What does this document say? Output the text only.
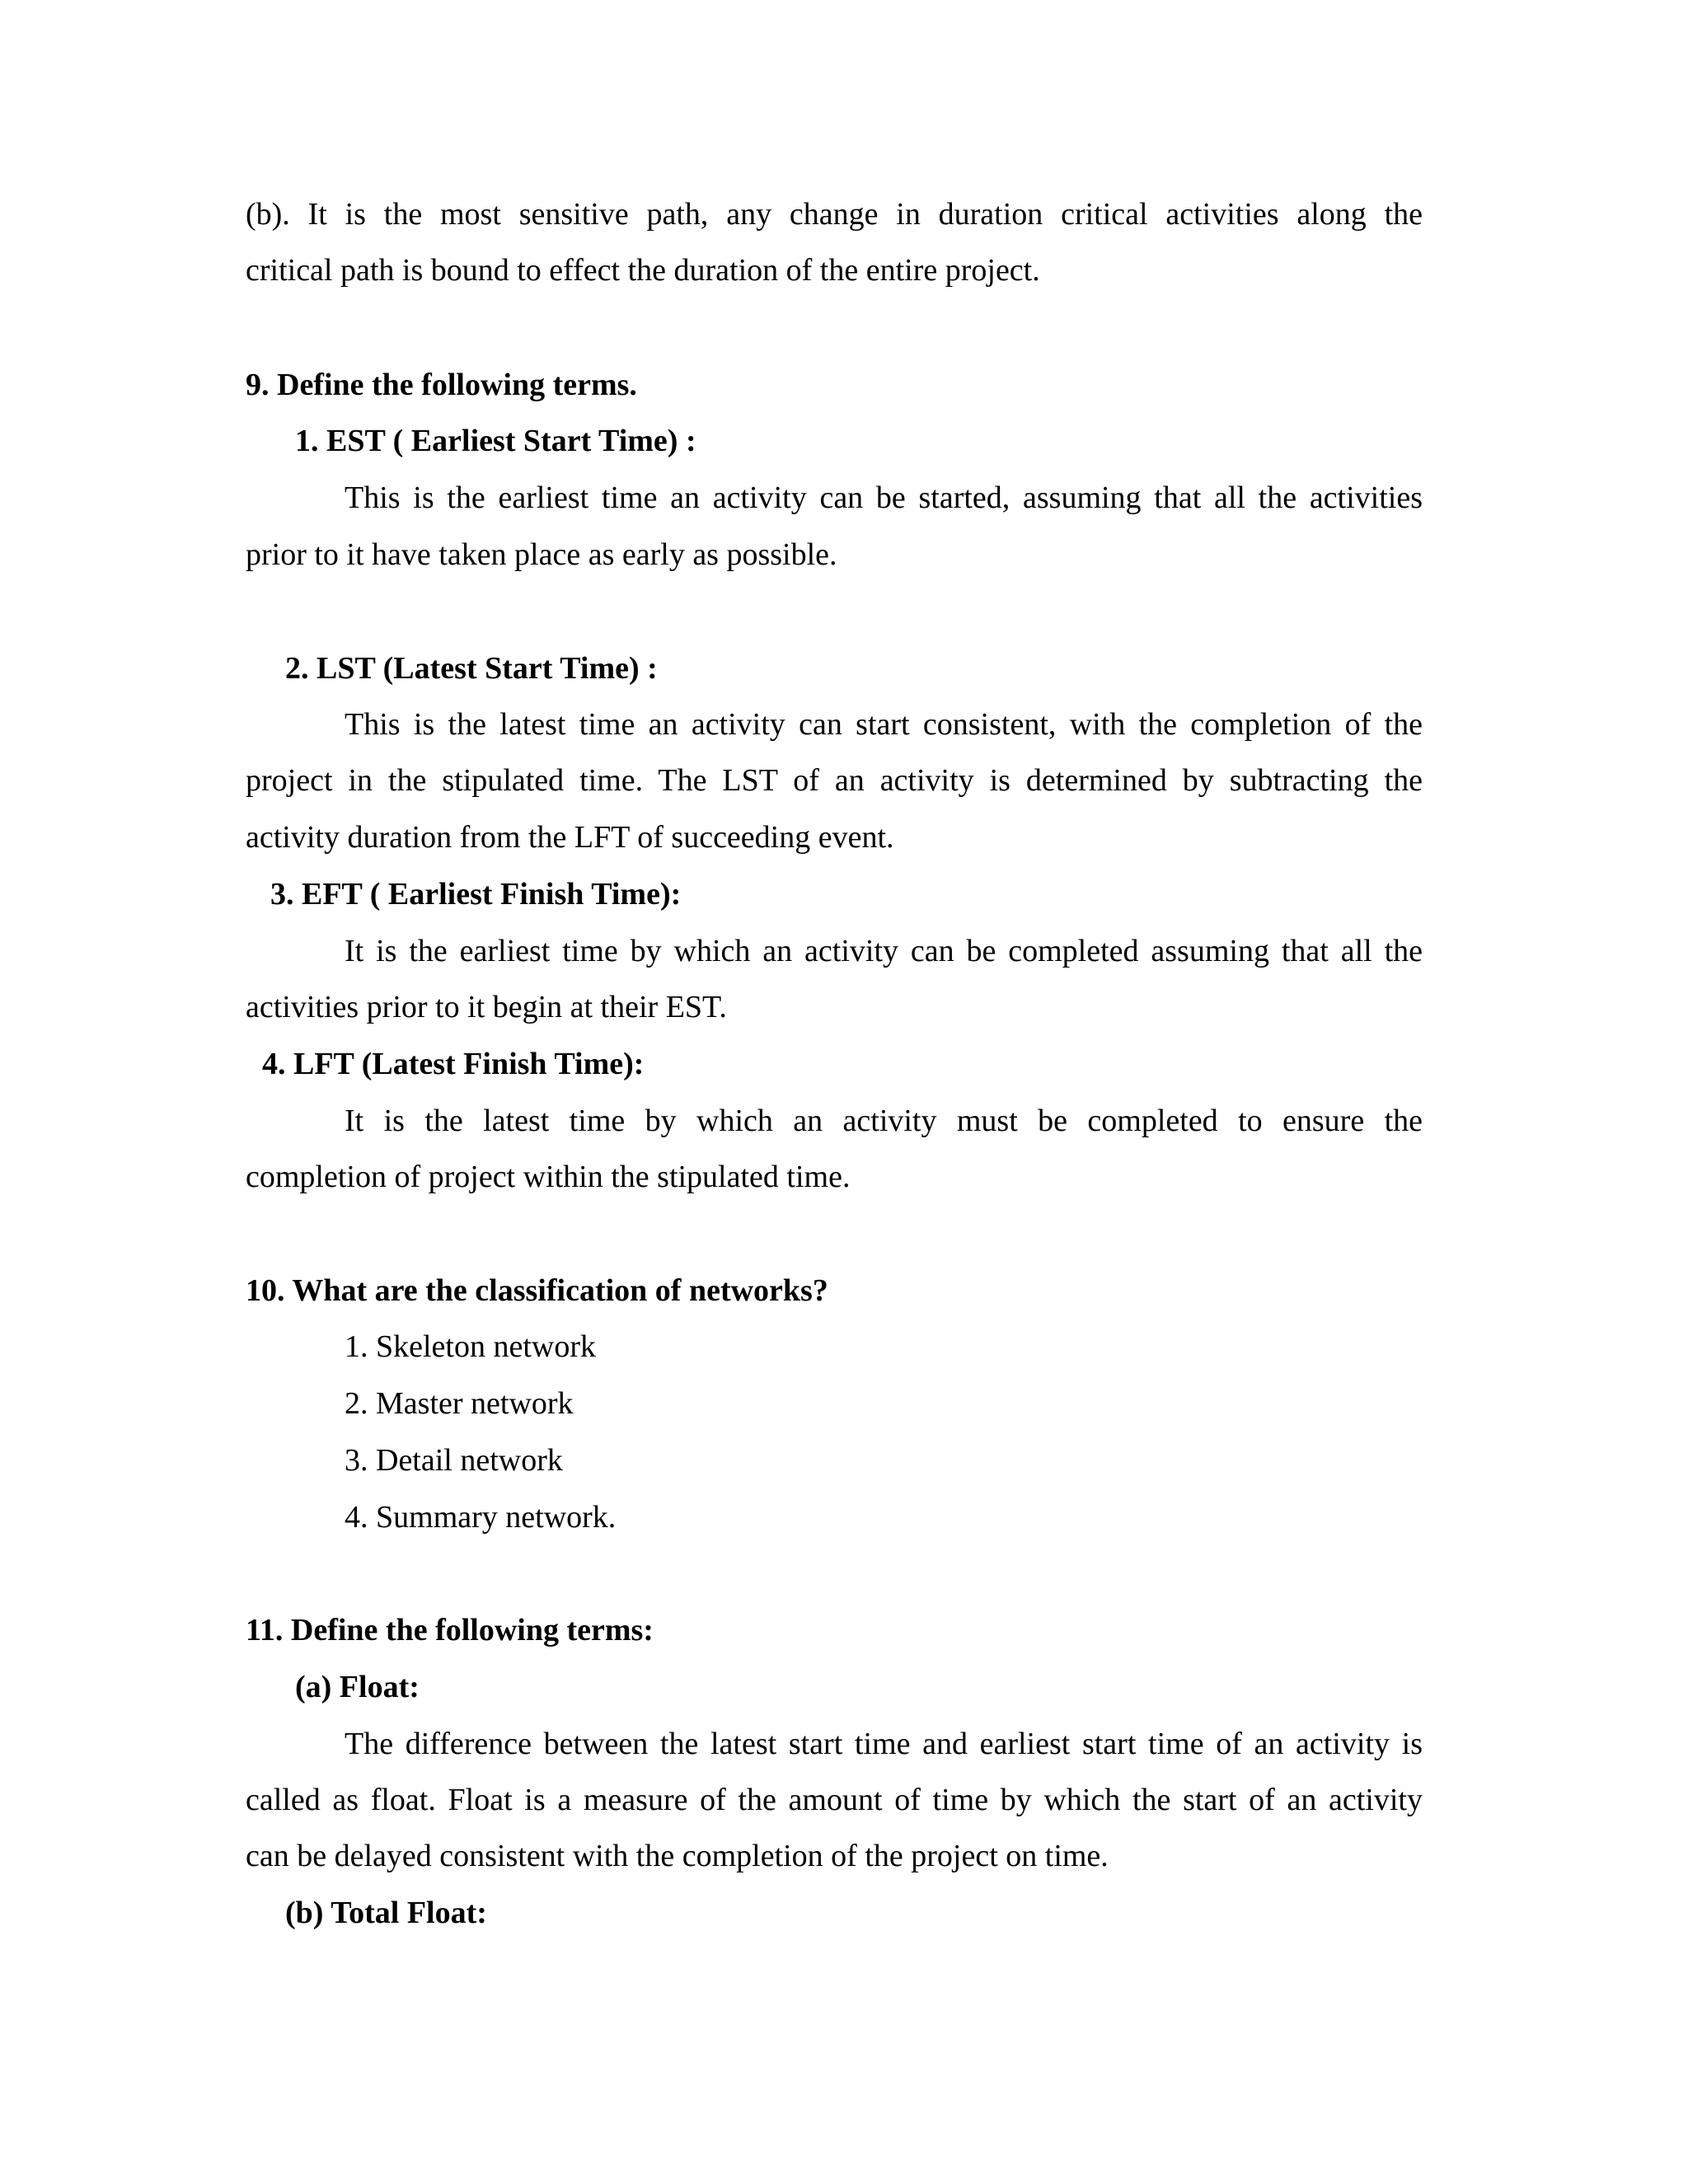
(b). It is the most sensitive path, any change in duration critical activities along the
critical path is bound to effect the duration of the entire project.
9. Define the following terms.
1. EST ( Earliest Start Time) :
This is the earliest time an activity can be started, assuming that all the activities
prior to it have taken place as early as possible.
2. LST (Latest Start Time) :
This is the latest time an activity can start consistent, with the completion of the
project in the stipulated time. The LST of an activity is determined by subtracting the
activity duration from the LFT of succeeding event.
3. EFT ( Earliest Finish Time):
It is the earliest time by which an activity can be completed assuming that all the
activities prior to it begin at their EST.
4. LFT (Latest Finish Time):
It is the latest time by which an activity must be completed to ensure the
completion of project within the stipulated time.
10. What are the classification of networks?
1. Skeleton network
2. Master network
3. Detail network
4. Summary network.
11. Define the following terms:
(a) Float:
The difference between the latest start time and earliest start time of an activity is
called as float. Float is a measure of the amount of time by which the start of an activity
can be delayed consistent with the completion of the project on time.
(b) Total Float:
